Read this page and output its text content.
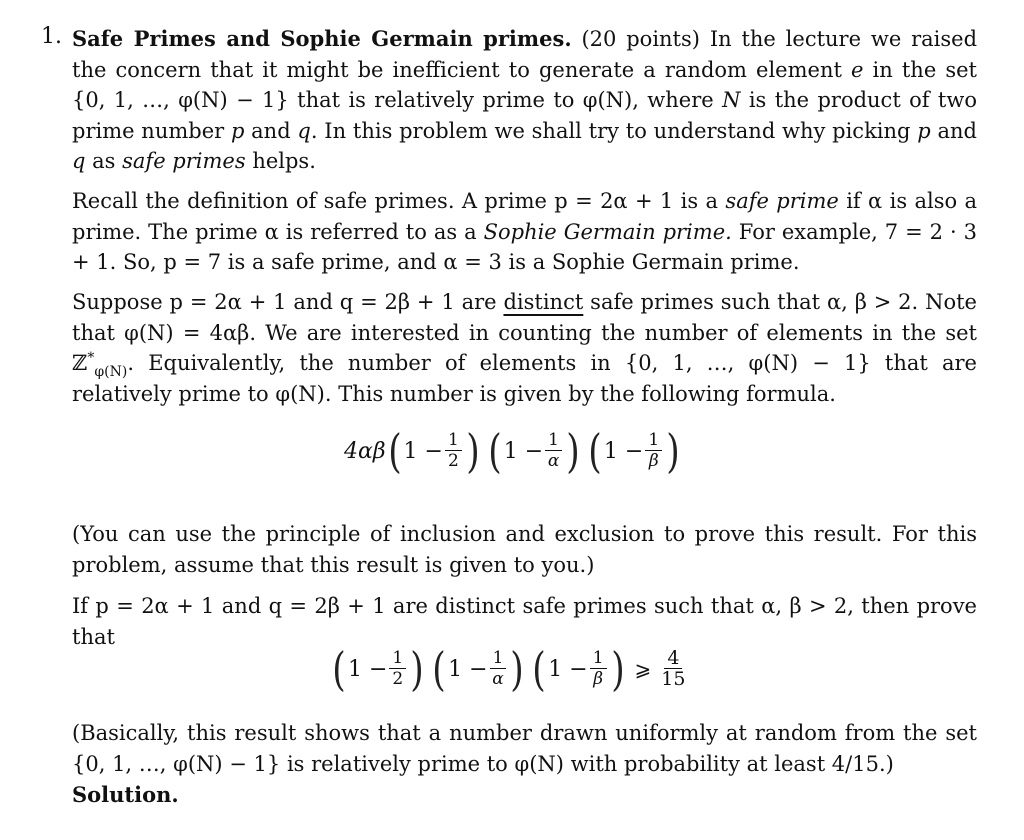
1. Safe Primes and Sophie Germain primes. (20 points) In the lecture we raised the concern that it might be inefficient to generate a random element e in the set {0, 1, …, φ(N) − 1} that is relatively prime to φ(N), where N is the product of two prime number p and q. In this problem we shall try to understand why picking p and q as safe primes helps.
Recall the definition of safe primes. A prime p = 2α + 1 is a safe prime if α is also a prime. The prime α is referred to as a Sophie Germain prime. For example, 7 = 2 · 3 + 1. So, p = 7 is a safe prime, and α = 3 is a Sophie Germain prime.
Suppose p = 2α + 1 and q = 2β + 1 are distinct safe primes such that α, β > 2. Note that φ(N) = 4αβ. We are interested in counting the number of elements in the set ℤ*$_{\varphi(N)}$. Equivalently, the number of elements in {0, 1, …, φ(N) − 1} that are relatively prime to φ(N). This number is given by the following formula.
4αβ ( 1
− $\frac{1}{2}$ ) ( 1
− $\frac{1}{\alpha}$ ) ( 1
− $\frac{1}{\beta}$ )
(You can use the principle of inclusion and exclusion to prove this result. For this problem, assume that this result is given to you.)
If p = 2α + 1 and q = 2β + 1 are distinct safe primes such that α, β > 2, then prove that
( 1
− $\frac{1}{2}$ ) ( 1
− $\frac{1}{\alpha}$ ) ( 1
− $\frac{1}{\beta}$ ) ⩾ $\frac{4}{15}$
(Basically, this result shows that a number drawn uniformly at random from the set {0, 1, …, φ(N) − 1} is relatively prime to φ(N) with probability at least 4/15.)
Solution.
